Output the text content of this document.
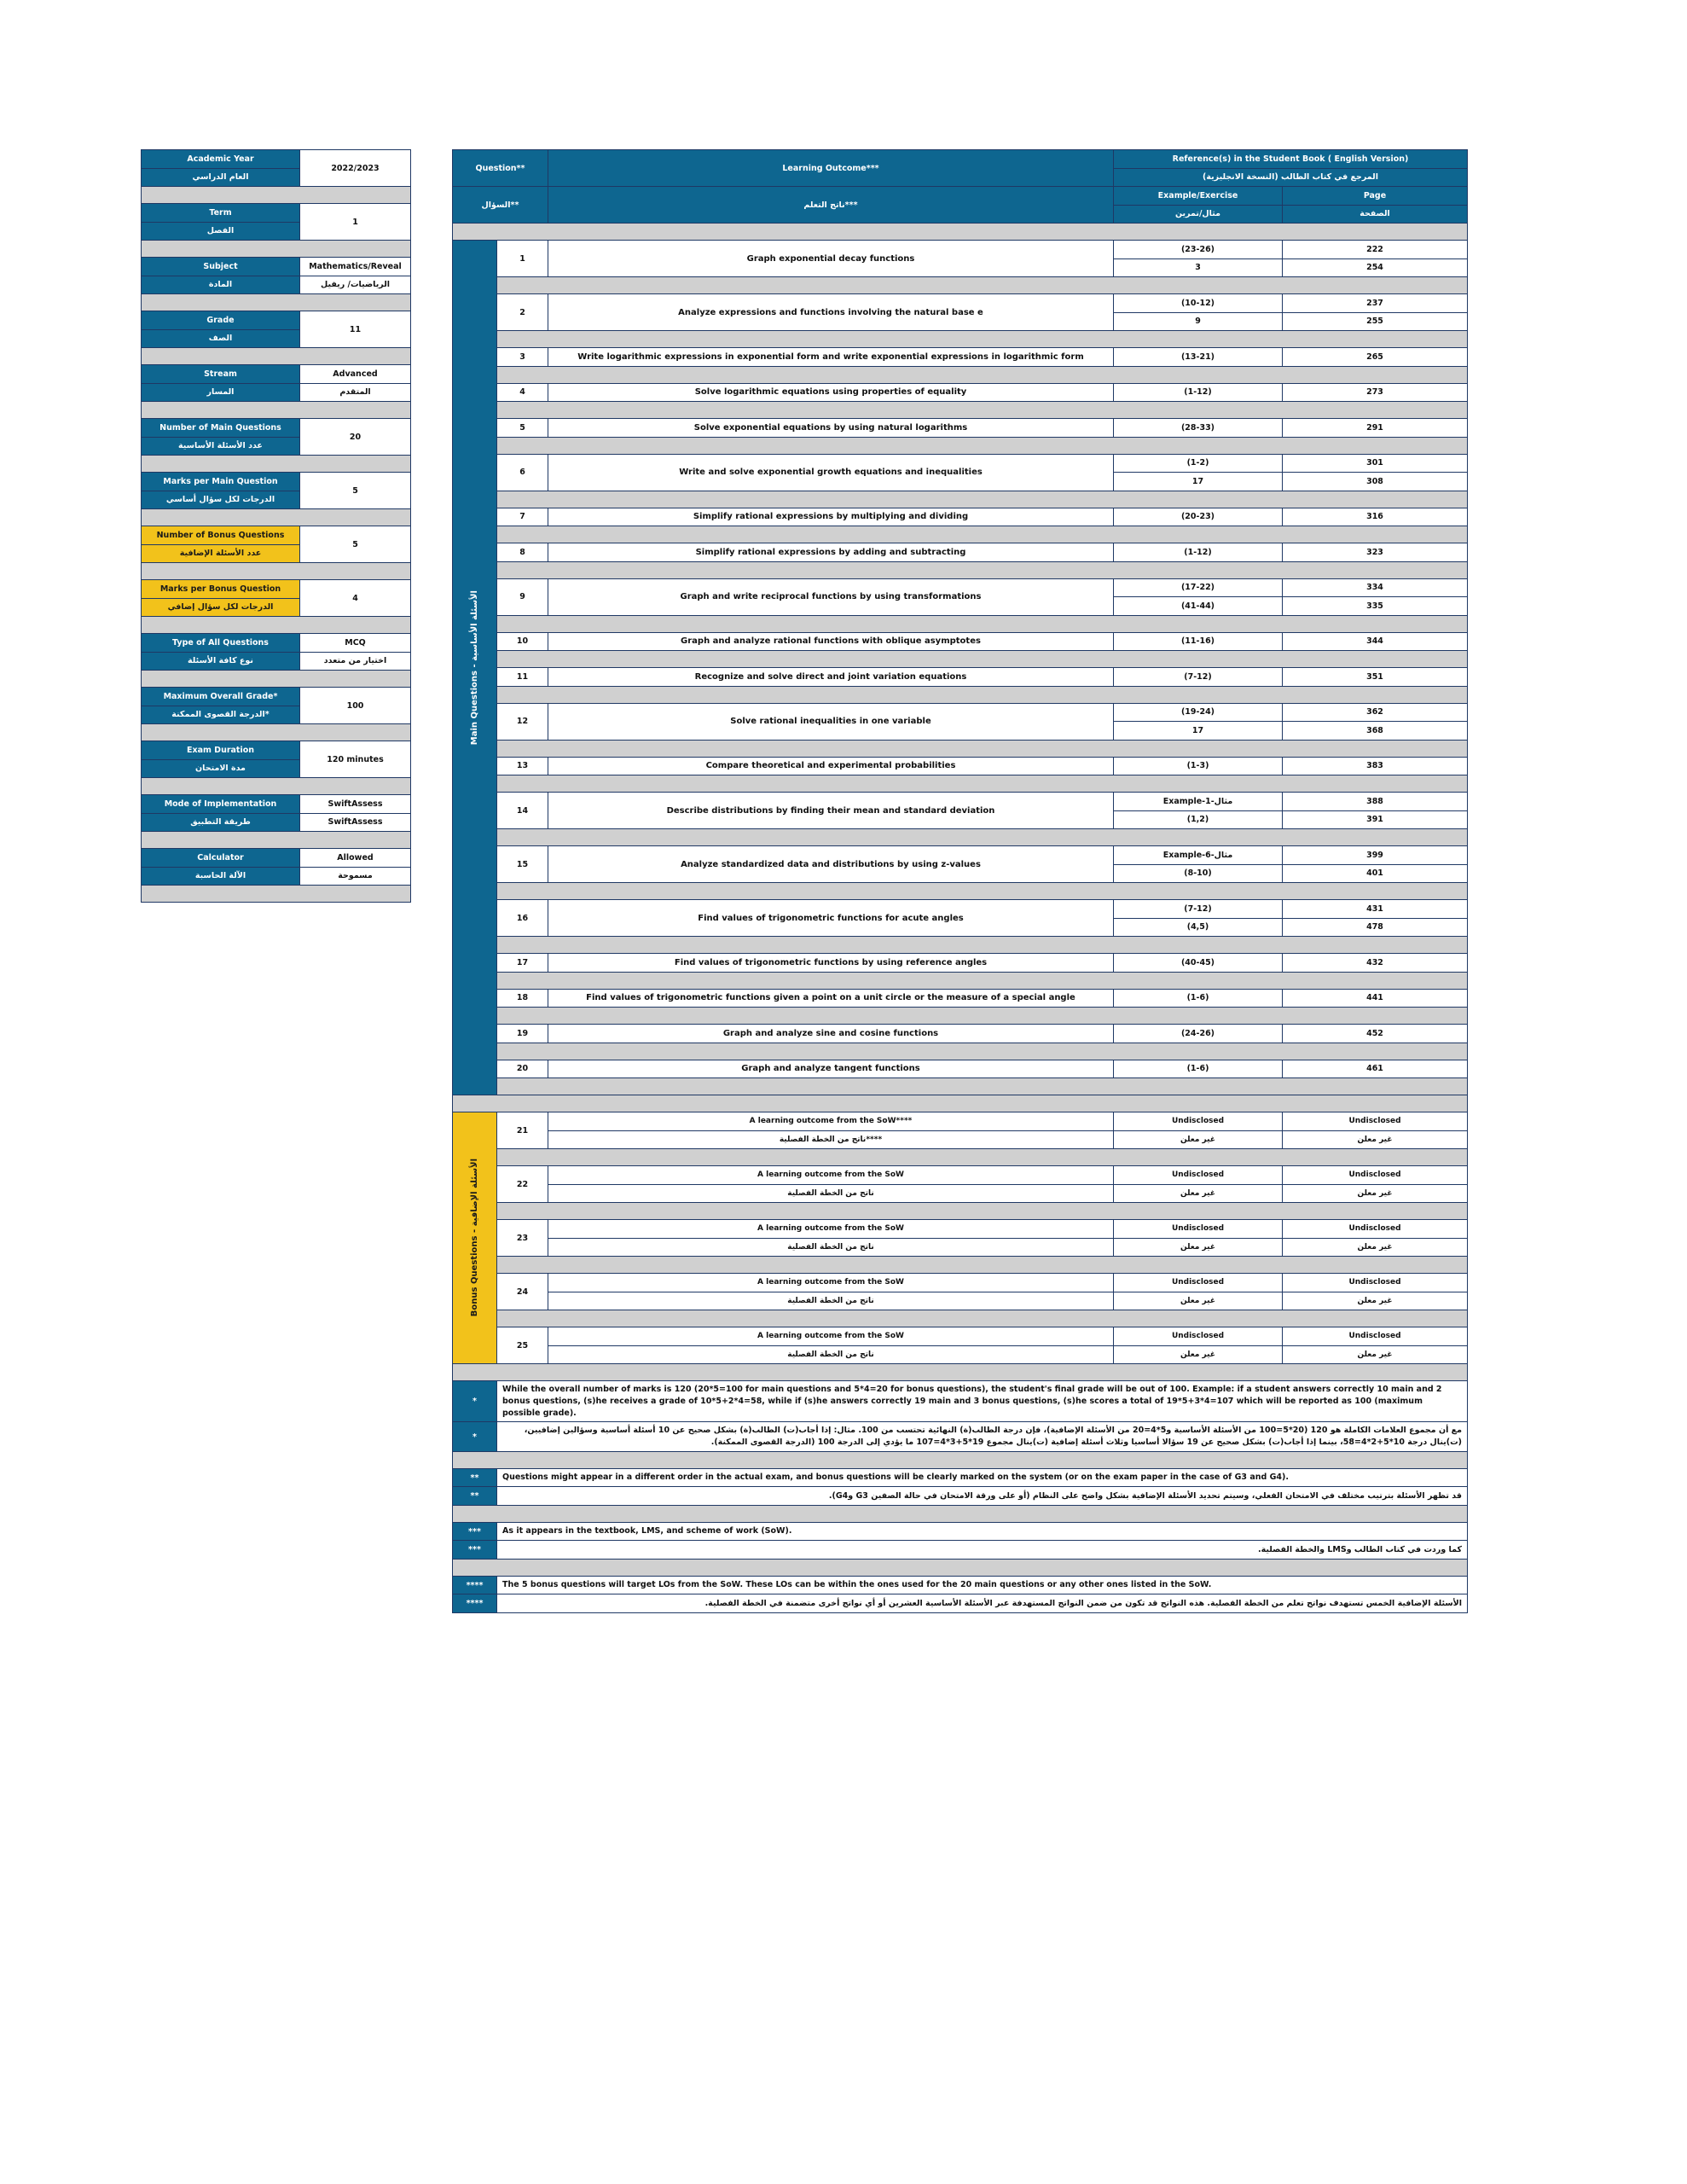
Academic Year	2022/2023
العام الدراسي	

Term	1
الفصل	

Subject	Mathematics/Reveal
المادة	الرياضيات/ ريفيل

Grade	11
الصف	

Stream	Advanced
المسار	المتقدم

Number of Main Questions	20
عدد الأسئلة الأساسية	

Marks per Main Question	5
الدرجات لكل سؤال أساسي	

Number of Bonus Questions	5
عدد الأسئلة الإضافية	

Marks per Bonus Question	4
الدرجات لكل سؤال إضافي	

Type of All Questions	MCQ
نوع كافة الأسئلة	اختيار من متعدد

Maximum Overall Grade*	100
الدرجة القصوى الممكنة*	

Exam Duration	120 minutes
مدة الامتحان	

Mode of Implementation	SwiftAssess
طريقة التطبيق	SwiftAssess

Calculator	Allowed
الآلة الحاسبة	مسموحة

Question**		Learning Outcome***	Reference(s) in the Student Book ( English Version)	
			المرجع في كتاب الطالب (النسخة الانجليزية)	
السؤال**		ناتج التعلم***	Example/Exercise	Page
			مثال/تمرين	الصفحة

Main Questions - الأسئلة الأساسية	1	Graph exponential decay functions	(23-26)	222
			3	254

	2	Analyze expressions and functions involving the natural base e	(10-12)	237
			9	255

	3	Write logarithmic expressions in exponential form and write exponential expressions in logarithmic form	(13-21)	265

	4	Solve logarithmic equations using properties of equality	(1-12)	273

	5	Solve exponential equations by using natural logarithms	(28-33)	291

	6	Write and solve exponential growth equations and inequalities	(1-2)	301
			17	308

	7	Simplify rational expressions by multiplying and dividing	(20-23)	316

	8	Simplify rational expressions by adding and subtracting	(1-12)	323

	9	Graph and write reciprocal functions by using transformations	(17-22)	334
			(41-44)	335

	10	Graph and analyze rational functions with oblique asymptotes	(11-16)	344

	11	Recognize and solve direct and joint variation equations	(7-12)	351

	12	Solve rational inequalities in one variable	(19-24)	362
			17	368

	13	Compare theoretical and experimental probabilities	(1-3)	383

	14	Describe distributions by finding their mean and standard deviation	Example-1-مثال	388
			(1,2)	391

	15	Analyze standardized data and distributions by using z-values	Example-6-مثال	399
			(8-10)	401

	16	Find values of trigonometric functions for acute angles	(7-12)	431
			(4,5)	478

	17	Find values of trigonometric functions by using reference angles	(40-45)	432

	18	Find values of trigonometric functions given a point on a unit circle or the measure of a special angle	(1-6)	441

	19	Graph and analyze sine and cosine functions	(24-26)	452

	20	Graph and analyze tangent functions	(1-6)	461

Bonus Questions - الأسئلة الإضافية	21	A learning outcome from the SoW****	Undisclosed	Undisclosed
		ناتج من الخطة الفصلية****	غير معلن	غير معلن

	22	A learning outcome from the SoW	Undisclosed	Undisclosed
		ناتج من الخطة الفصلية	غير معلن	غير معلن

	23	A learning outcome from the SoW	Undisclosed	Undisclosed
		ناتج من الخطة الفصلية	غير معلن	غير معلن

	24	A learning outcome from the SoW	Undisclosed	Undisclosed
		ناتج من الخطة الفصلية	غير معلن	غير معلن

	25	A learning outcome from the SoW	Undisclosed	Undisclosed
		ناتج من الخطة الفصلية	غير معلن	غير معلن

*	While the overall number of marks is 120 (20*5=100 for main questions and 5*4=20 for bonus questions), the student's final grade will be out of 100. Example: if a student answers correctly 10 main and 2 bonus questions, (s)he receives a grade of 10*5+2*4=58, while if (s)he answers correctly 19 main and 3 bonus questions, (s)he scores a total of 19*5+3*4=107 which will be reported as 100 (maximum possible grade).			
*	مع أن مجموع العلامات الكاملة هو 120 (20*5=100 من الأسئلة الأساسية و5*4=20 من الأسئلة الإضافية)، فإن درجة الطالب(ة) النهائية تحتسب من 100. مثال: إذا أجاب(ت) الطالب(ة) بشكل صحيح عن 10 أسئلة أساسية وسؤالين إضافيين، (ت)ينال درجة 10*5+2*4=58، بينما إذا أجاب(ت) بشكل صحيح عن 19 سؤالا أساسيا وثلاث أسئلة إضافية (ت)ينال مجموع 19*5+3*4=107 ما يؤدي إلى الدرجة 100 (الدرجة القصوى الممكنة).			

**	Questions might appear in a different order in the actual exam, and bonus questions will be clearly marked on the system (or on the exam paper in the case of G3 and G4).			
**	قد تظهر الأسئلة بترتيب مختلف في الامتحان الفعلي، وسيتم تحديد الأسئلة الإضافية بشكل واضح على النظام (أو على ورقة الامتحان في حالة الصفين G3 وG4).			

***	As it appears in the textbook, LMS, and scheme of work (SoW).			
***	كما وردت في كتاب الطالب وLMS والخطة الفصلية.			

****	The 5 bonus questions will target LOs from the SoW. These LOs can be within the ones used for the 20 main questions or any other ones listed in the SoW.			
****	الأسئلة الإضافية الخمس تستهدف نواتج تعلم من الخطة الفصلية. هذه النواتج قد تكون من ضمن النواتج المستهدفة عبر الأسئلة الأساسية العشرين أو أي نواتج أخرى متضمنة في الخطة الفصلية.			
